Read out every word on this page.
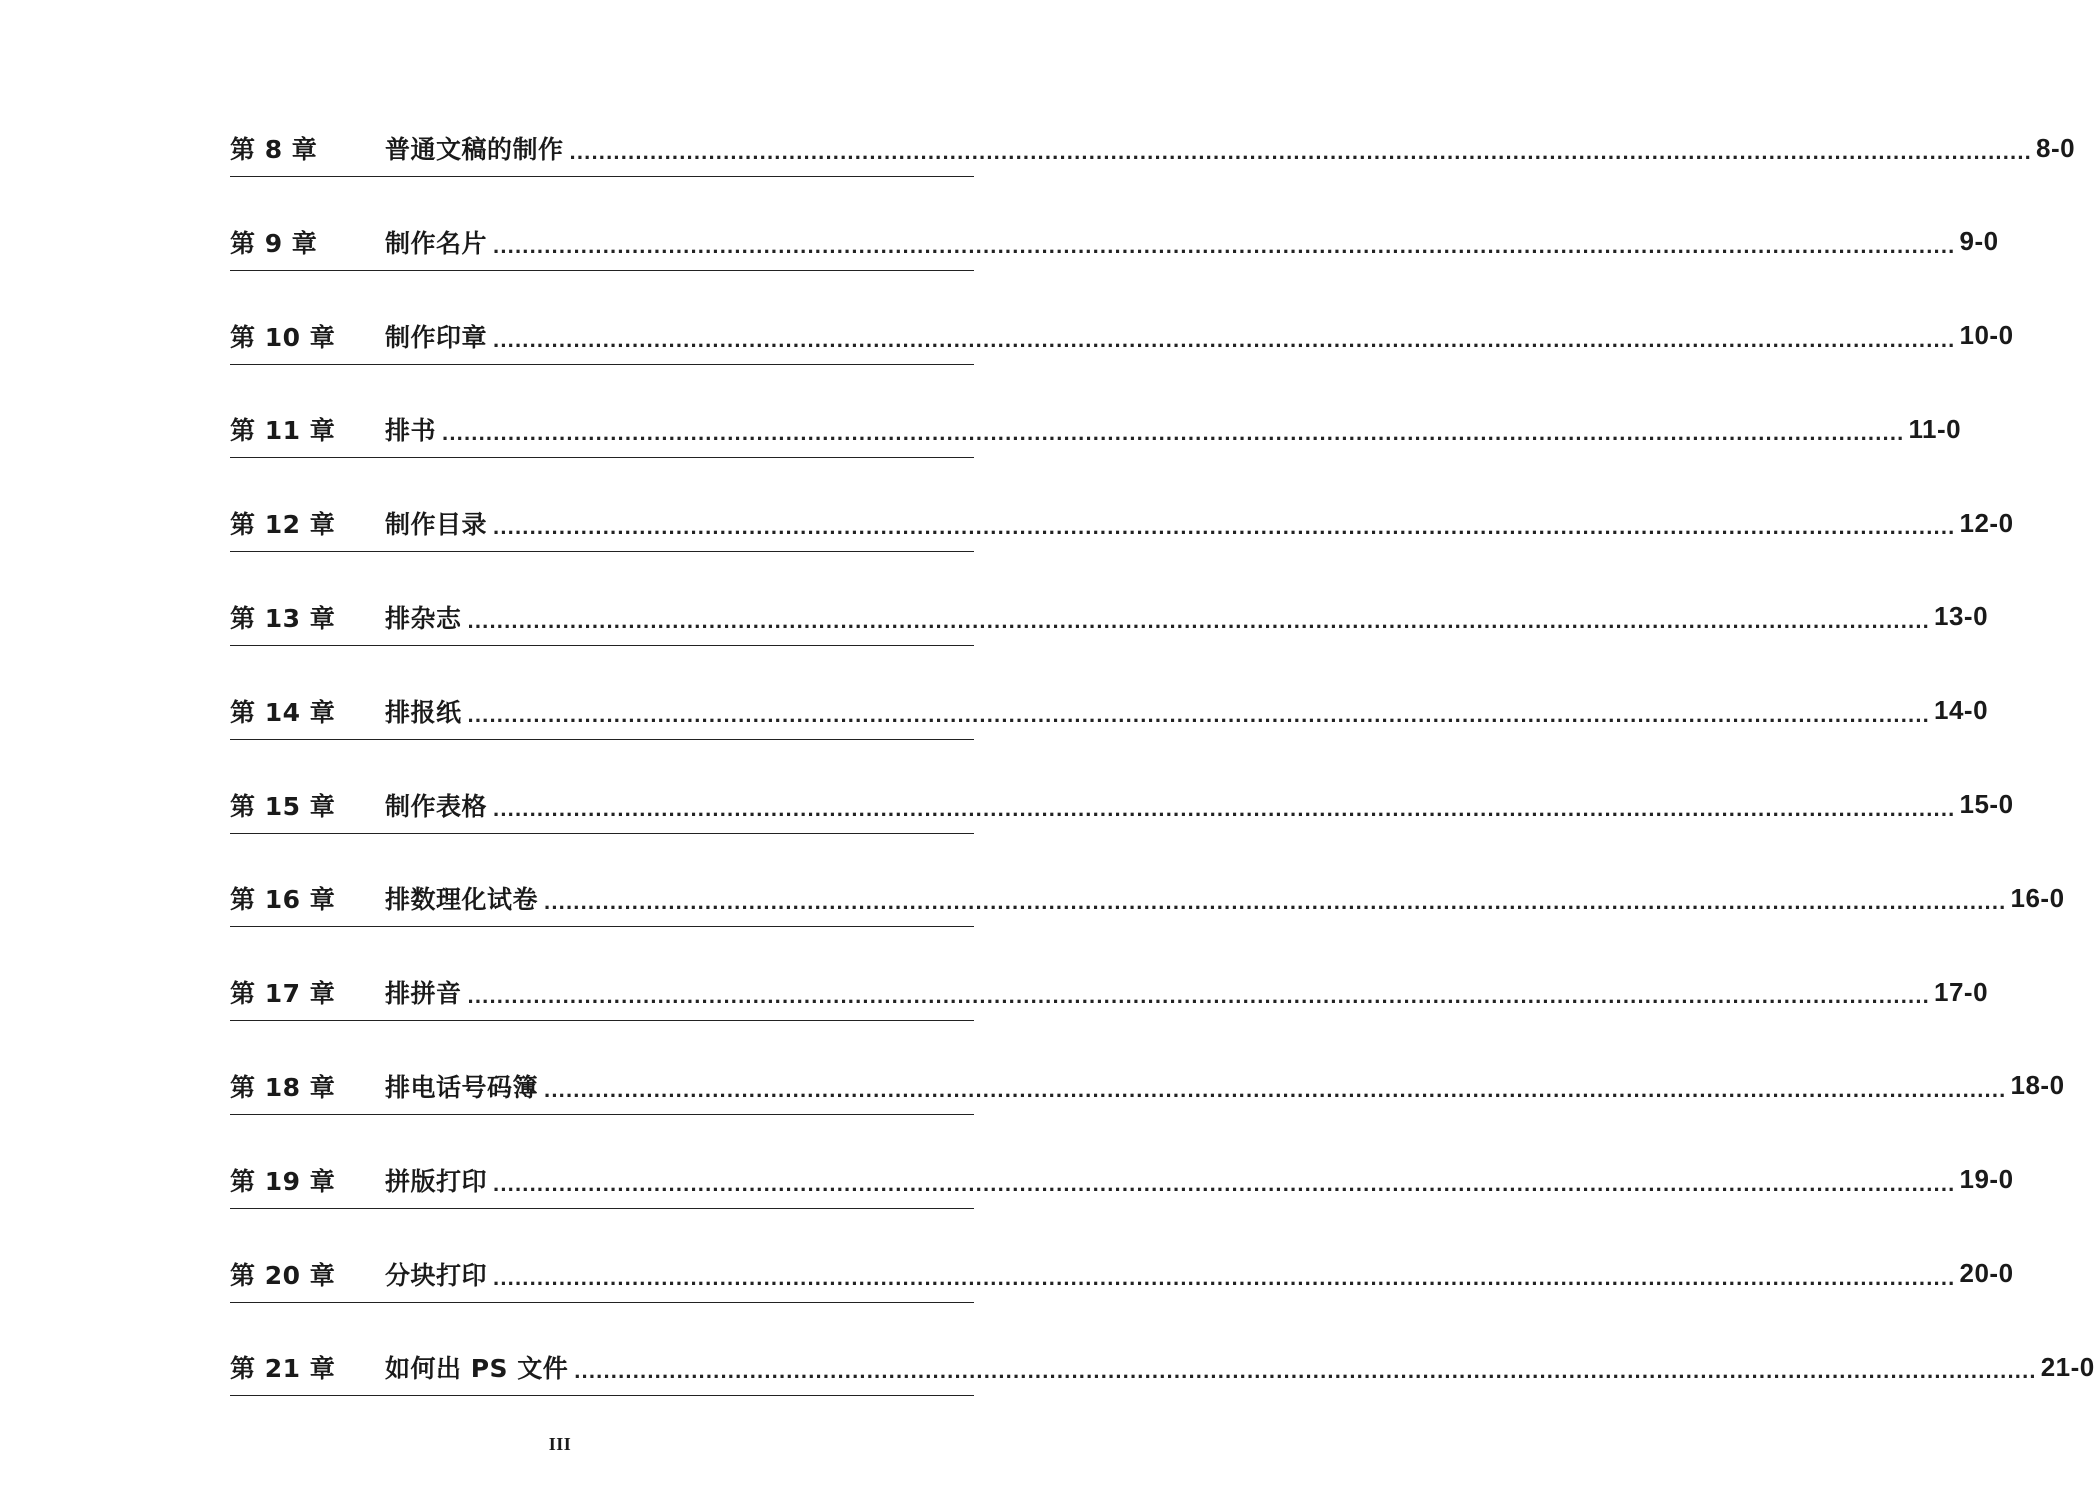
第 8 章	普通文稿的制作 ........................................................................................................................................................................................................ 8-0
第 9 章	制作名片 ........................................................................................................................................................................................................ 9-0
第 10 章	制作印章 ........................................................................................................................................................................................................ 10-0
第 11 章	排书 ........................................................................................................................................................................................................ 11-0
第 12 章	制作目录 ........................................................................................................................................................................................................ 12-0
第 13 章	排杂志 ........................................................................................................................................................................................................ 13-0
第 14 章	排报纸 ........................................................................................................................................................................................................ 14-0
第 15 章	制作表格 ........................................................................................................................................................................................................ 15-0
第 16 章	排数理化试卷 ........................................................................................................................................................................................................ 16-0
第 17 章	排拼音 ........................................................................................................................................................................................................ 17-0
第 18 章	排电话号码簿 ........................................................................................................................................................................................................ 18-0
第 19 章	拼版打印 ........................................................................................................................................................................................................ 19-0
第 20 章	分块打印 ........................................................................................................................................................................................................ 20-0
第 21 章	如何出 PS 文件 ........................................................................................................................................................................................................ 21-0
III
